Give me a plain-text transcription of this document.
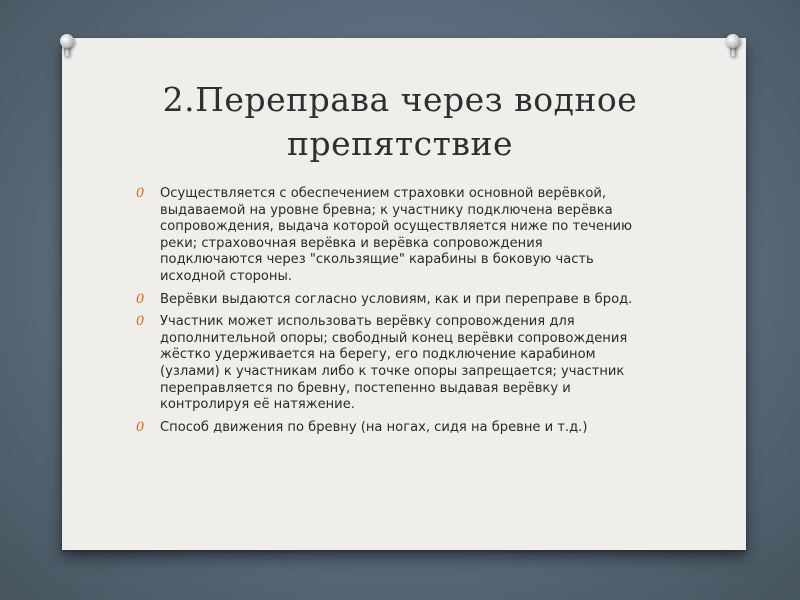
2.Переправа через водное препятствие
0 Осуществляется с обеспечением страховки основной верёвкой, выдаваемой на уровне бревна; к участнику подключена верёвка сопровождения, выдача которой осуществляется ниже по течению реки; страховочная верёвка и верёвка сопровождения подключаются через "скользящие" карабины в боковую часть исходной стороны.
0 Верёвки выдаются согласно условиям, как и при переправе в брод.
0 Участник может использовать верёвку сопровождения для дополнительной опоры; свободный конец верёвки сопровождения жёстко удерживается на берегу, его подключение карабином (узлами) к участникам либо к точке опоры запрещается; участник переправляется по бревну, постепенно выдавая верёвку и контролируя её натяжение.
0 Способ движения по бревну (на ногах, сидя на бревне и т.д.)
